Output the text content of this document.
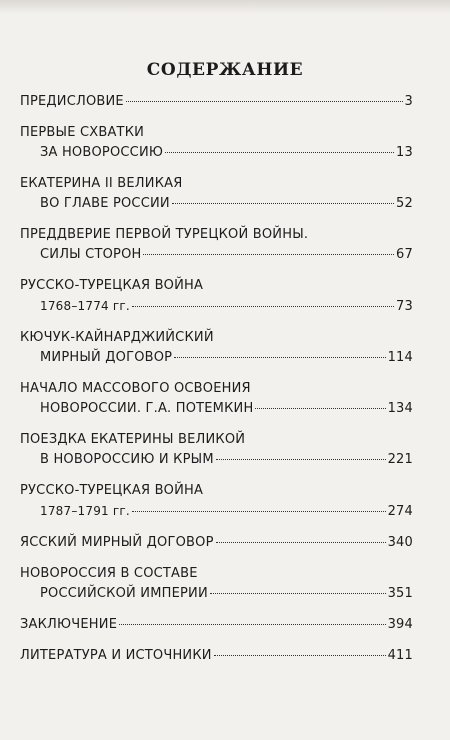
СОДЕРЖАНИЕ
ПРЕДИСЛОВИЕ	3
ПЕРВЫЕ СХВАТКИ
ЗА НОВОРОССИЮ	13
ЕКАТЕРИНА II ВЕЛИКАЯ
ВО ГЛАВЕ РОССИИ	52
ПРЕДДВЕРИЕ ПЕРВОЙ ТУРЕЦКОЙ ВОЙНЫ.
СИЛЫ СТОРОН	67
РУССКО-ТУРЕЦКАЯ ВОЙНА
1768–1774 гг.	73
КЮЧУК-КАЙНАРДЖИЙСКИЙ
МИРНЫЙ ДОГОВОР	114
НАЧАЛО МАССОВОГО ОСВОЕНИЯ
НОВОРОССИИ. Г.А. ПОТЕМКИН	134
ПОЕЗДКА ЕКАТЕРИНЫ ВЕЛИКОЙ
В НОВОРОССИЮ И КРЫМ	221
РУССКО-ТУРЕЦКАЯ ВОЙНА
1787–1791 гг.	274
ЯССКИЙ МИРНЫЙ ДОГОВОР	340
НОВОРОССИЯ В СОСТАВЕ
РОССИЙСКОЙ ИМПЕРИИ	351
ЗАКЛЮЧЕНИЕ	394
ЛИТЕРАТУРА И ИСТОЧНИКИ	411
